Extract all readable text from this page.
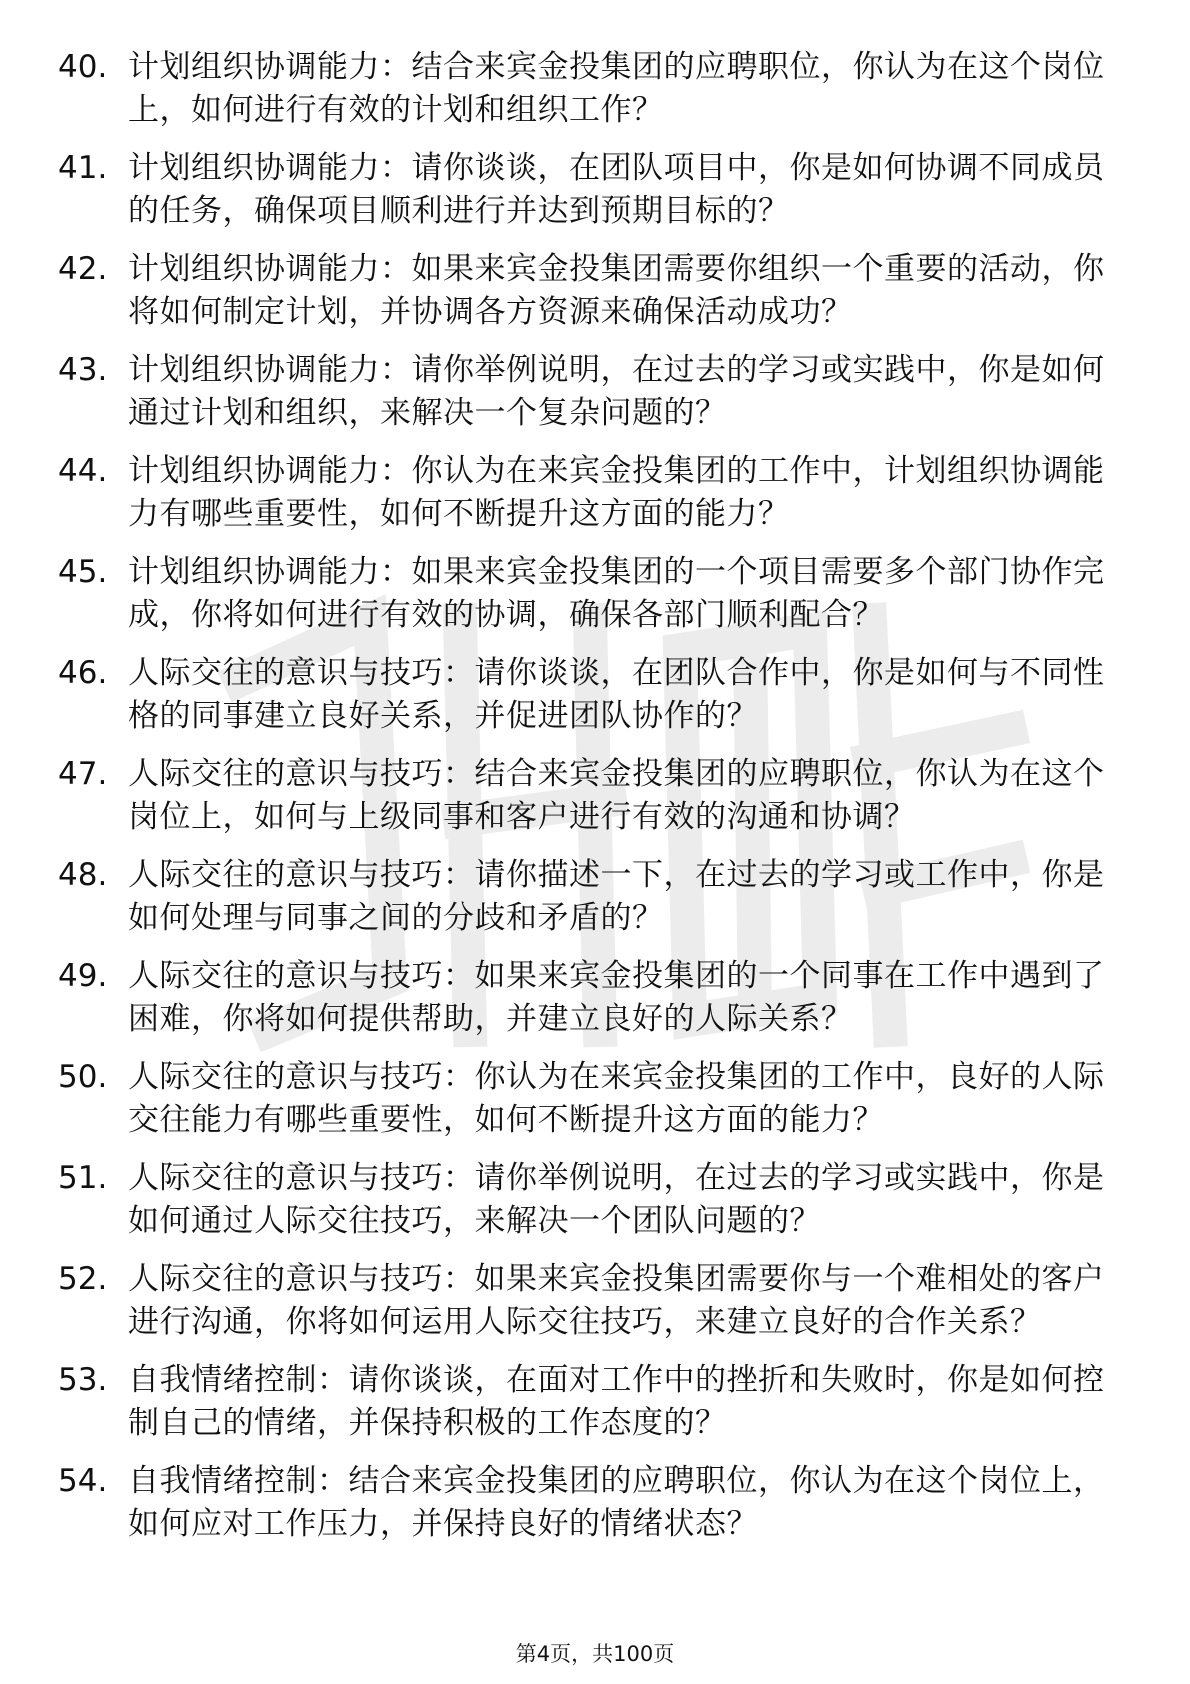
40. 计划组织协调能力：结合来宾金投集团的应聘职位，你认为在这个岗位上，如何进行有效的计划和组织工作？
41. 计划组织协调能力：请你谈谈，在团队项目中，你是如何协调不同成员的任务，确保项目顺利进行并达到预期目标的？
42. 计划组织协调能力：如果来宾金投集团需要你组织一个重要的活动，你将如何制定计划，并协调各方资源来确保活动成功？
43. 计划组织协调能力：请你举例说明，在过去的学习或实践中，你是如何通过计划和组织，来解决一个复杂问题的？
44. 计划组织协调能力：你认为在来宾金投集团的工作中，计划组织协调能力有哪些重要性，如何不断提升这方面的能力？
45. 计划组织协调能力：如果来宾金投集团的一个项目需要多个部门协作完成，你将如何进行有效的协调，确保各部门顺利配合？
46. 人际交往的意识与技巧：请你谈谈，在团队合作中，你是如何与不同性格的同事建立良好关系，并促进团队协作的？
47. 人际交往的意识与技巧：结合来宾金投集团的应聘职位，你认为在这个岗位上，如何与上级同事和客户进行有效的沟通和协调？
48. 人际交往的意识与技巧：请你描述一下，在过去的学习或工作中，你是如何处理与同事之间的分歧和矛盾的？
49. 人际交往的意识与技巧：如果来宾金投集团的一个同事在工作中遇到了困难，你将如何提供帮助，并建立良好的人际关系？
50. 人际交往的意识与技巧：你认为在来宾金投集团的工作中，良好的人际交往能力有哪些重要性，如何不断提升这方面的能力？
51. 人际交往的意识与技巧：请你举例说明，在过去的学习或实践中，你是如何通过人际交往技巧，来解决一个团队问题的？
52. 人际交往的意识与技巧：如果来宾金投集团需要你与一个难相处的客户进行沟通，你将如何运用人际交往技巧，来建立良好的合作关系？
53. 自我情绪控制：请你谈谈，在面对工作中的挫折和失败时，你是如何控制自己的情绪，并保持积极的工作态度的？
54. 自我情绪控制：结合来宾金投集团的应聘职位，你认为在这个岗位上，如何应对工作压力，并保持良好的情绪状态？
第4页，共100页
